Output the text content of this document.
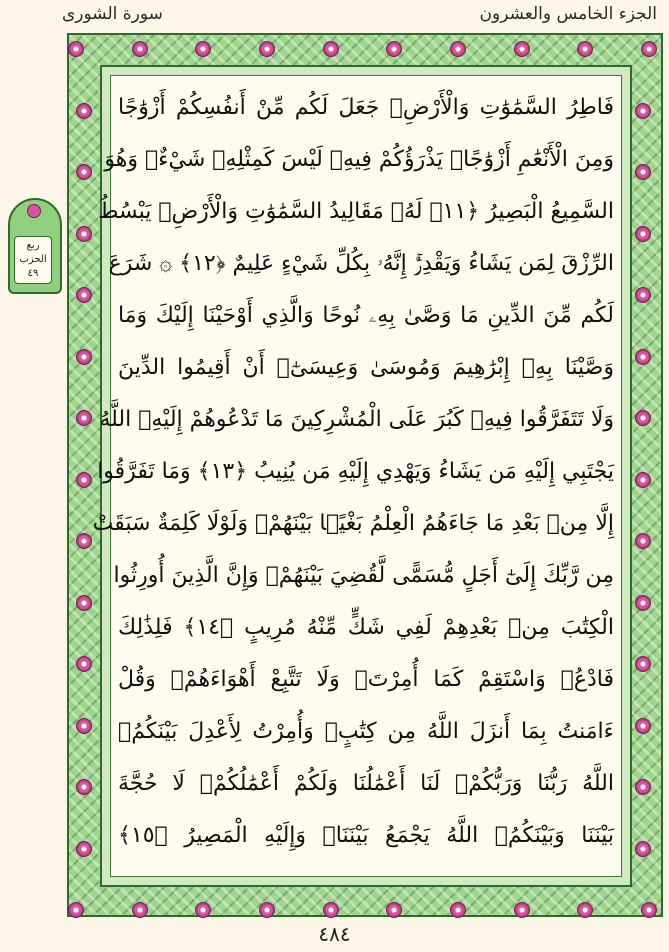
الجزء الخامس والعشرون
سورة الشورى
ربع
الحزب
٤٩
فَاطِرُ السَّمَٰوَٰتِ وَالْأَرْضِۚ جَعَلَ لَكُم مِّنْ أَنفُسِكُمْ أَزْوَٰجًا
وَمِنَ الْأَنْعَٰمِ أَزْوَٰجًاۖ يَذْرَؤُكُمْ فِيهِۚ لَيْسَ كَمِثْلِهِۦ شَيْءٌۖ وَهُوَ
السَّمِيعُ الْبَصِيرُ ﴿١١﴾ لَهُۥ مَقَالِيدُ السَّمَٰوَٰتِ وَالْأَرْضِۖ يَبْسُطُ
الرِّزْقَ لِمَن يَشَاءُ وَيَقْدِرُۚ إِنَّهُۥ بِكُلِّ شَيْءٍ عَلِيمٌ ﴿١٢﴾ ۞ شَرَعَ
لَكُم مِّنَ الدِّينِ مَا وَصَّىٰ بِهِۦ نُوحًا وَالَّذِي أَوْحَيْنَا إِلَيْكَ وَمَا
وَصَّيْنَا بِهِۦ إِبْرَٰهِيمَ وَمُوسَىٰ وَعِيسَىٰٓۖ أَنْ أَقِيمُوا الدِّينَ
وَلَا تَتَفَرَّقُوا فِيهِۚ كَبُرَ عَلَى الْمُشْرِكِينَ مَا تَدْعُوهُمْ إِلَيْهِۚ اللَّهُ
يَجْتَبِي إِلَيْهِ مَن يَشَاءُ وَيَهْدِي إِلَيْهِ مَن يُنِيبُ ﴿١٣﴾ وَمَا تَفَرَّقُوا
إِلَّا مِنۢ بَعْدِ مَا جَاءَهُمُ الْعِلْمُ بَغْيًۢا بَيْنَهُمْۚ وَلَوْلَا كَلِمَةٌ سَبَقَتْ
مِن رَّبِّكَ إِلَىٰٓ أَجَلٍ مُّسَمًّى لَّقُضِيَ بَيْنَهُمْۚ وَإِنَّ الَّذِينَ أُورِثُوا
الْكِتَٰبَ مِنۢ بَعْدِهِمْ لَفِي شَكٍّ مِّنْهُ مُرِيبٍ ﴿١٤﴾ فَلِذَٰلِكَ
فَادْعُۖ وَاسْتَقِمْ كَمَا أُمِرْتَۖ وَلَا تَتَّبِعْ أَهْوَاءَهُمْۖ وَقُلْ
ءَامَنتُ بِمَا أَنزَلَ اللَّهُ مِن كِتَٰبٍۖ وَأُمِرْتُ لِأَعْدِلَ بَيْنَكُمُۖ
اللَّهُ رَبُّنَا وَرَبُّكُمْۖ لَنَا أَعْمَٰلُنَا وَلَكُمْ أَعْمَٰلُكُمْۖ لَا حُجَّةَ
بَيْنَنَا وَبَيْنَكُمُۖ اللَّهُ يَجْمَعُ بَيْنَنَاۖ وَإِلَيْهِ الْمَصِيرُ ﴿١٥﴾
٤٨٤
